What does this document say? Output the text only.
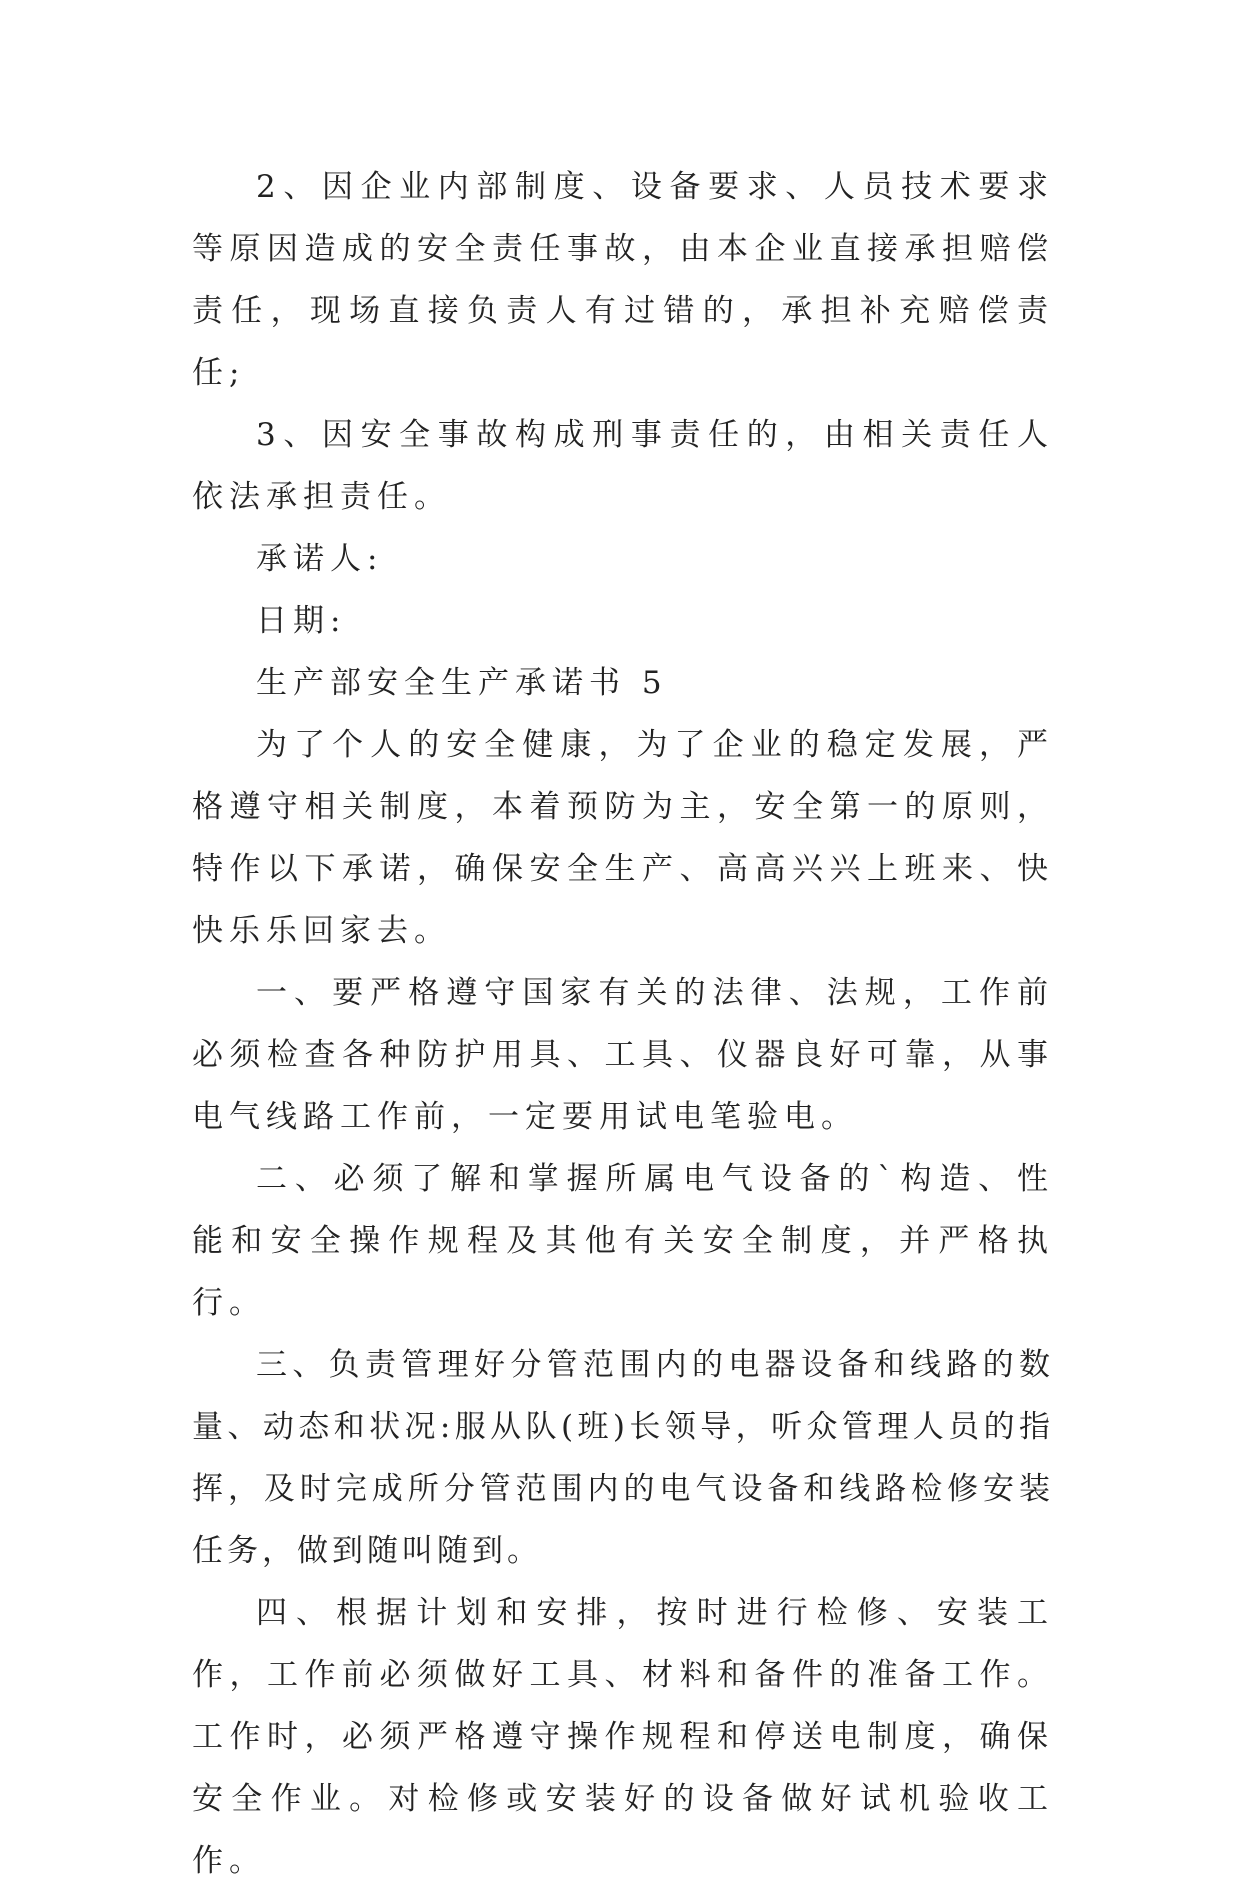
2、因企业内部制度、设备要求、人员技术要求等原因造成的安全责任事故，由本企业直接承担赔偿责任，现场直接负责人有过错的，承担补充赔偿责任;

3、因安全事故构成刑事责任的，由相关责任人依法承担责任。

承诺人:

日期:

生产部安全生产承诺书 5

为了个人的安全健康，为了企业的稳定发展，严格遵守相关制度，本着预防为主，安全第一的原则，特作以下承诺，确保安全生产、高高兴兴上班来、快快乐乐回家去。

一、要严格遵守国家有关的法律、法规，工作前必须检查各种防护用具、工具、仪器良好可靠，从事电气线路工作前，一定要用试电笔验电。

二、必须了解和掌握所属电气设备的`构造、性能和安全操作规程及其他有关安全制度，并严格执行。

三、负责管理好分管范围内的电器设备和线路的数量、动态和状况:服从队(班)长领导，听众管理人员的指挥，及时完成所分管范围内的电气设备和线路检修安装任务，做到随叫随到。

四、根据计划和安排，按时进行检修、安装工作，工作前必须做好工具、材料和备件的准备工作。工作时，必须严格遵守操作规程和停送电制度，确保安全作业。对检修或安装好的设备做好试机验收工作。
